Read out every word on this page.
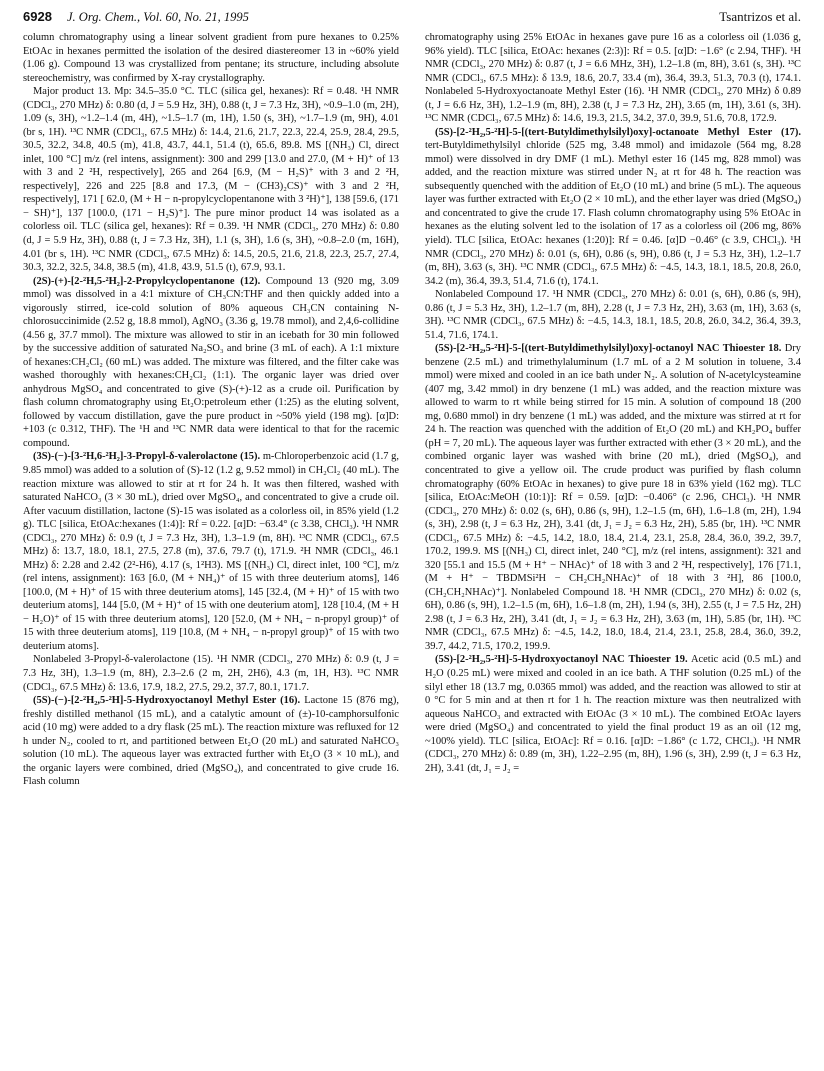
6928 J. Org. Chem., Vol. 60, No. 21, 1995	Tsantrizos et al.

column chromatography using a linear solvent gradient from pure hexanes to 0.25% EtOAc in hexanes permitted the isolation of the desired diastereomer 13 in ~60% yield (1.06 g). Compound 13 was crystallized from pentane; its structure, including absolute stereochemistry, was confirmed by X-ray crystallography.

Major product 13. Mp: 34.5–35.0 °C. TLC (silica gel, hexanes): Rf = 0.48. ¹H NMR (CDCl₃, 270 MHz) δ: 0.80 (d, J = 5.9 Hz, 3H), 0.88 (t, J = 7.3 Hz, 3H), ~0.9–1.0 (m, 2H), 1.09 (s, 3H), ~1.2–1.4 (m, 4H), ~1.5–1.7 (m, 1H), 1.50 (s, 3H), ~1.7–1.9 (m, 9H), 4.01 (br s, 1H). ¹³C NMR (CDCl₃, 67.5 MHz) δ: 14.4, 21.6, 21.7, 22.3, 22.4, 25.9, 28.4, 29.5, 30.5, 32.2, 34.8, 40.5 (m), 41.8, 43.7, 44.1, 51.4 (t), 65.6, 89.8. MS [(NH₃) Cl, direct inlet, 100 °C] m/z (rel intens, assignment): 300 and 299 [13.0 and 27.0, (M + H)⁺ of 13 with 3 and 2 ²H, respectively], 265 and 264 [6.9, (M − H₂S)⁺ with 3 and 2 ²H, respectively], 226 and 225 [8.8 and 17.3, (M − (CH3)₂CS)⁺ with 3 and 2 ²H, respectively], 171 [ 62.0, (M + H − n-propylcyclopentanone with 3 ²H)⁺], 138 [59.6, (171 − SH)⁺], 137 [100.0, (171 − H₂S)⁺]. The pure minor product 14 was isolated as a colorless oil. TLC (silica gel, hexanes): Rf = 0.39. ¹H NMR (CDCl₃, 270 MHz) δ: 0.80 (d, J = 5.9 Hz, 3H), 0.88 (t, J = 7.3 Hz, 3H), 1.1 (s, 3H), 1.6 (s, 3H), ~0.8–2.0 (m, 16H), 4.01 (br s, 1H). ¹³C NMR (CDCl₃, 67.5 MHz) δ: 14.5, 20.5, 21.6, 21.8, 22.3, 25.7, 27.4, 30.3, 32.2, 32.5, 34.8, 38.5 (m), 41.8, 43.9, 51.5 (t), 67.9, 93.1.

(2S)-(+)-[2-²H,5-²H₂]-2-Propylcyclopentanone (12). Compound 13 (920 mg, 3.09 mmol) was dissolved in a 4:1 mixture of CH₃CN:THF and then quickly added into a vigorously stirred, ice-cold solution of 80% aqueous CH₃CN containing N-chlorosuccinimide (2.52 g, 18.8 mmol), AgNO₃ (3.36 g, 19.78 mmol), and 2,4,6-collidine (4.56 g, 37.7 mmol). The mixture was allowed to stir in an icebath for 30 min followed by the successive addition of saturated Na₂SO₃ and brine (3 mL of each). A 1:1 mixture of hexanes:CH₂Cl₂ (60 mL) was added. The mixture was filtered, and the filter cake was washed thoroughly with hexanes:CH₂Cl₂ (1:1). The organic layer was dried over anhydrous MgSO₄ and concentrated to give (S)-(+)-12 as a crude oil. Purification by flash column chromatography using Et₂O:petroleum ether (1:25) as the eluting solvent, followed by vaccum distillation, gave the pure product in ~50% yield (198 mg). [α]D: +103 (c 0.312, THF). The ¹H and ¹³C NMR data were identical to that for the racemic compound.

(3S)-(−)-[3-²H,6-²H₂]-3-Propyl-δ-valerolactone (15). m-Chloroperbenzoic acid (1.7 g, 9.85 mmol) was added to a solution of (S)-12 (1.2 g, 9.52 mmol) in CH₂Cl₂ (40 mL). The reaction mixture was allowed to stir at rt for 24 h. It was then filtered, washed with saturated NaHCO₃ (3 × 30 mL), dried over MgSO₄, and concentrated to give a crude oil. After vacuum distillation, lactone (S)-15 was isolated as a colorless oil, in 85% yield (1.2 g). TLC [silica, EtOAc:hexanes (1:4)]: Rf = 0.22. [α]D: −63.4° (c 3.38, CHCl₃). ¹H NMR (CDCl₃, 270 MHz) δ: 0.9 (t, J = 7.3 Hz, 3H), 1.3–1.9 (m, 8H). ¹³C NMR (CDCl₃, 67.5 MHz) δ: 13.7, 18.0, 18.1, 27.5, 27.8 (m), 37.6, 79.7 (t), 171.9. ²H NMR (CDCl₃, 46.1 MHz) δ: 2.28 and 2.42 (2²-H6), 4.17 (s, 1²H3). MS [(NH₃) Cl, direct inlet, 100 °C], m/z (rel intens, assignment): 163 [6.0, (M + NH₄)⁺ of 15 with three deuterium atoms], 146 [100.0, (M + H)⁺ of 15 with three deuterium atoms], 145 [32.4, (M + H)⁺ of 15 with two deuterium atoms], 144 [5.0, (M + H)⁺ of 15 with one deuterium atom], 128 [10.4, (M + H − H₂O)⁺ of 15 with three deuterium atoms], 120 [52.0, (M + NH₄ − n-propyl group)⁺ of 15 with three deuterium atoms], 119 [10.8, (M + NH₄ − n-propyl group)⁺ of 15 with two deuterium atoms].

Nonlabeled 3-Propyl-δ-valerolactone (15). ¹H NMR (CDCl₃, 270 MHz) δ: 0.9 (t, J = 7.3 Hz, 3H), 1.3–1.9 (m, 8H), 2.3–2.6 (2 m, 2H, 2H6), 4.3 (m, 1H, H3). ¹³C NMR (CDCl₃, 67.5 MHz) δ: 13.6, 17.9, 18.2, 27.5, 29.2, 37.7, 80.1, 171.7.

(5S)-(−)-[2-²H₂,5-²H]-5-Hydroxyoctanoyl Methyl Ester (16). Lactone 15 (876 mg), freshly distilled methanol (15 mL), and a catalytic amount of (±)-10-camphorsulfonic acid (10 mg) were added to a dry flask (25 mL). The reaction mixture was refluxed for 12 h under N₂, cooled to rt, and partitioned between Et₂O (20 mL) and saturated NaHCO₃ solution (10 mL). The aqueous layer was extracted further with Et₂O (3 × 10 mL), and the organic layers were combined, dried (MgSO₄), and concentrated to give crude 16. Flash column

chromatography using 25% EtOAc in hexanes gave pure 16 as a colorless oil (1.036 g, 96% yield). TLC [silica, EtOAc: hexanes (2:3)]: Rf = 0.5. [α]D: −1.6° (c 2.94, THF). ¹H NMR (CDCl₃, 270 MHz) δ: 0.87 (t, J = 6.6 MHz, 3H), 1.2–1.8 (m, 8H), 3.61 (s, 3H). ¹³C NMR (CDCl₃, 67.5 MHz): δ 13.9, 18.6, 20.7, 33.4 (m), 36.4, 39.3, 51.3, 70.3 (t), 174.1. Nonlabeled 5-Hydroxyoctanoate Methyl Ester (16). ¹H NMR (CDCl₃, 270 MHz) δ 0.89 (t, J = 6.6 Hz, 3H), 1.2–1.9 (m, 8H), 2.38 (t, J = 7.3 Hz, 2H), 3.65 (m, 1H), 3.61 (s, 3H). ¹³C NMR (CDCl₃, 67.5 MHz) δ: 14.6, 19.3, 21.5, 34.2, 37.0, 39.9, 51.6, 70.8, 172.9.

(5S)-[2-²H₂,5-²H]-5-[(tert-Butyldimethylsilyl)oxy]-octanoate Methyl Ester (17). tert-Butyldimethylsilyl chloride (525 mg, 3.48 mmol) and imidazole (564 mg, 8.28 mmol) were dissolved in dry DMF (1 mL). Methyl ester 16 (145 mg, 828 mmol) was added, and the reaction mixture was stirred under N₂ at rt for 48 h. The reaction was subsequently quenched with the addition of Et₂O (10 mL) and brine (5 mL). The aqueous layer was further extracted with Et₂O (2 × 10 mL), and the ether layer was dried (MgSO₄) and concentrated to give the crude 17. Flash column chromatography using 5% EtOAc in hexanes as the eluting solvent led to the isolation of 17 as a colorless oil (206 mg, 86% yield). TLC [silica, EtOAc: hexanes (1:20)]: Rf = 0.46. [α]D −0.46° (c 3.9, CHCl₃). ¹H NMR (CDCl₃, 270 MHz) δ: 0.01 (s, 6H), 0.86 (s, 9H), 0.86 (t, J = 5.3 Hz, 3H), 1.2–1.7 (m, 8H), 3.63 (s, 3H). ¹³C NMR (CDCl₃, 67.5 MHz) δ: −4.5, 14.3, 18.1, 18.5, 20.8, 26.0, 34.2 (m), 36.4, 39.3, 51.4, 71.6 (t), 174.1.

Nonlabeled Compound 17. ¹H NMR (CDCl₃, 270 MHz) δ: 0.01 (s, 6H), 0.86 (s, 9H), 0.86 (t, J = 5.3 Hz, 3H), 1.2–1.7 (m, 8H), 2.28 (t, J = 7.3 Hz, 2H), 3.63 (m, 1H), 3.63 (s, 3H). ¹³C NMR (CDCl₃, 67.5 MHz) δ: −4.5, 14.3, 18.1, 18.5, 20.8, 26.0, 34.2, 36.4, 39.3, 51.4, 71.6, 174.1.

(5S)-[2-²H₂,5-²H]-5-[(tert-Butyldimethylsilyl)oxy]-octanoyl NAC Thioester 18. Dry benzene (2.5 mL) and trimethylaluminum (1.7 mL of a 2 M solution in toluene, 3.4 mmol) were mixed and cooled in an ice bath under N₂. A solution of N-acetylcysteamine (407 mg, 3.42 mmol) in dry benzene (1 mL) was added, and the reaction mixture was allowed to warm to rt while being stirred for 15 min. A solution of compound 18 (200 mg, 0.680 mmol) in dry benzene (1 mL) was added, and the mixture was stirred at rt for 24 h. The reaction was quenched with the addition of Et₂O (20 mL) and KH₂PO₄ buffer (pH = 7, 20 mL). The aqueous layer was further extracted with ether (3 × 20 mL), and the combined organic layer was washed with brine (20 mL), dried (MgSO₄), and concentrated to give a yellow oil. The crude product was purified by flash column chromatography (60% EtOAc in hexanes) to give pure 18 in 63% yield (162 mg). TLC [silica, EtOAc:MeOH (10:1)]: Rf = 0.59. [α]D: −0.406° (c 2.96, CHCl₃). ¹H NMR (CDCl₃, 270 MHz) δ: 0.02 (s, 6H), 0.86 (s, 9H), 1.2–1.5 (m, 6H), 1.6–1.8 (m, 2H), 1.94 (s, 3H), 2.98 (t, J = 6.3 Hz, 2H), 3.41 (dt, J₁ = J₂ = 6.3 Hz, 2H), 5.85 (br, 1H). ¹³C NMR (CDCl₃, 67.5 MHz) δ: −4.5, 14.2, 18.0, 18.4, 21.4, 23.1, 25.8, 28.4, 36.0, 39.2, 39.7, 170.2, 199.9. MS [(NH₃) Cl, direct inlet, 240 °C], m/z (rel intens, assignment): 321 and 320 [55.1 and 15.5 (M + H⁺ − NHAc)⁺ of 18 with 3 and 2 ²H, respectively], 176 [71.1, (M + H⁺ − TBDMSi²H − CH₂CH₂NHAc)⁺ of 18 with 3 ²H], 86 [100.0, (CH₂CH₂NHAc)⁺]. Nonlabeled Compound 18. ¹H NMR (CDCl₃, 270 MHz) δ: 0.02 (s, 6H), 0.86 (s, 9H), 1.2–1.5 (m, 6H), 1.6–1.8 (m, 2H), 1.94 (s, 3H), 2.55 (t, J = 7.5 Hz, 2H) 2.98 (t, J = 6.3 Hz, 2H), 3.41 (dt, J₁ = J₂ = 6.3 Hz, 2H), 3.63 (m, 1H), 5.85 (br, 1H). ¹³C NMR (CDCl₃, 67.5 MHz) δ: −4.5, 14.2, 18.0, 18.4, 21.4, 23.1, 25.8, 28.4, 36.0, 39.2, 39.7, 44.2, 71.5, 170.2, 199.9.

(5S)-[2-²H₂,5-²H]-5-Hydroxyoctanoyl NAC Thioester 19. Acetic acid (0.5 mL) and H₂O (0.25 mL) were mixed and cooled in an ice bath. A THF solution (0.25 mL) of the silyl ether 18 (13.7 mg, 0.0365 mmol) was added, and the reaction was allowed to stir at 0 °C for 5 min and at then rt for 1 h. The reaction mixture was then neutralized with aqueous NaHCO₃ and extracted with EtOAc (3 × 10 mL). The combined EtOAc layers were dried (MgSO₄) and concentrated to yield the final product 19 as an oil (12 mg, ~100% yield). TLC [silica, EtOAc]: Rf = 0.16. [α]D: −1.86° (c 1.72, CHCl₃). ¹H NMR (CDCl₃, 270 MHz) δ: 0.89 (m, 3H), 1.22–2.95 (m, 8H), 1.96 (s, 3H), 2.99 (t, J = 6.3 Hz, 2H), 3.41 (dt, J₁ = J₂ =
